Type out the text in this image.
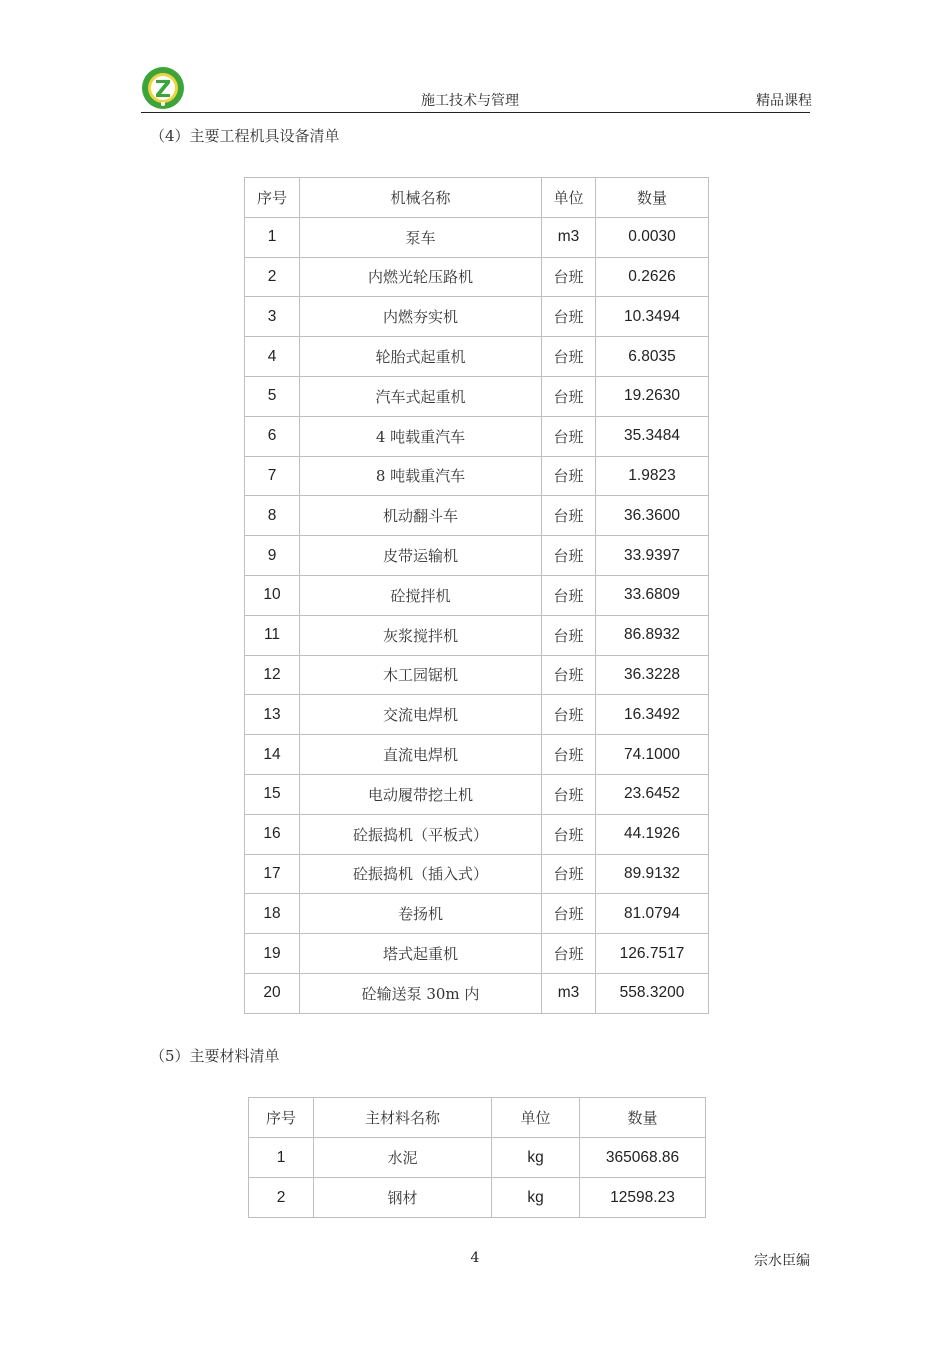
施工技术与管理	精品课程
（4）主要工程机具设备清单
序号	机械名称	单位	数量
1	泵车	m3	0.0030
2	内燃光轮压路机	台班	0.2626
3	内燃夯实机	台班	10.3494
4	轮胎式起重机	台班	6.8035
5	汽车式起重机	台班	19.2630
6	4 吨载重汽车	台班	35.3484
7	8 吨载重汽车	台班	1.9823
8	机动翻斗车	台班	36.3600
9	皮带运输机	台班	33.9397
10	砼搅拌机	台班	33.6809
11	灰浆搅拌机	台班	86.8932
12	木工园锯机	台班	36.3228
13	交流电焊机	台班	16.3492
14	直流电焊机	台班	74.1000
15	电动履带挖土机	台班	23.6452
16	砼振捣机（平板式）	台班	44.1926
17	砼振捣机（插入式）	台班	89.9132
18	卷扬机	台班	81.0794
19	塔式起重机	台班	126.7517
20	砼输送泵 30m 内	m3	558.3200
（5）主要材料清单
序号	主材料名称	单位	数量
1	水泥	kg	365068.86
2	钢材	kg	12598.23
4	宗水臣编
